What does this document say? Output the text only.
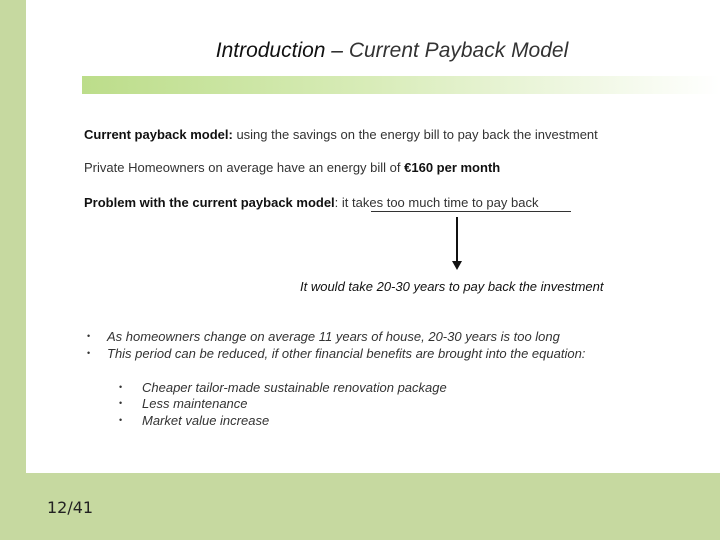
Introduction – Current Payback Model
Current payback model: using the savings on the energy bill to pay back the investment
Private Homeowners on average have an energy bill of €160 per month
Problem with the current payback model: it takes too much time to pay back
It would take 20-30 years to pay back the investment
• As homeowners change on average 11 years of house, 20-30 years is too long
• This period can be reduced, if other financial benefits are brought into the equation:
• Cheaper tailor-made sustainable renovation package
• Less maintenance
• Market value increase
12/41
